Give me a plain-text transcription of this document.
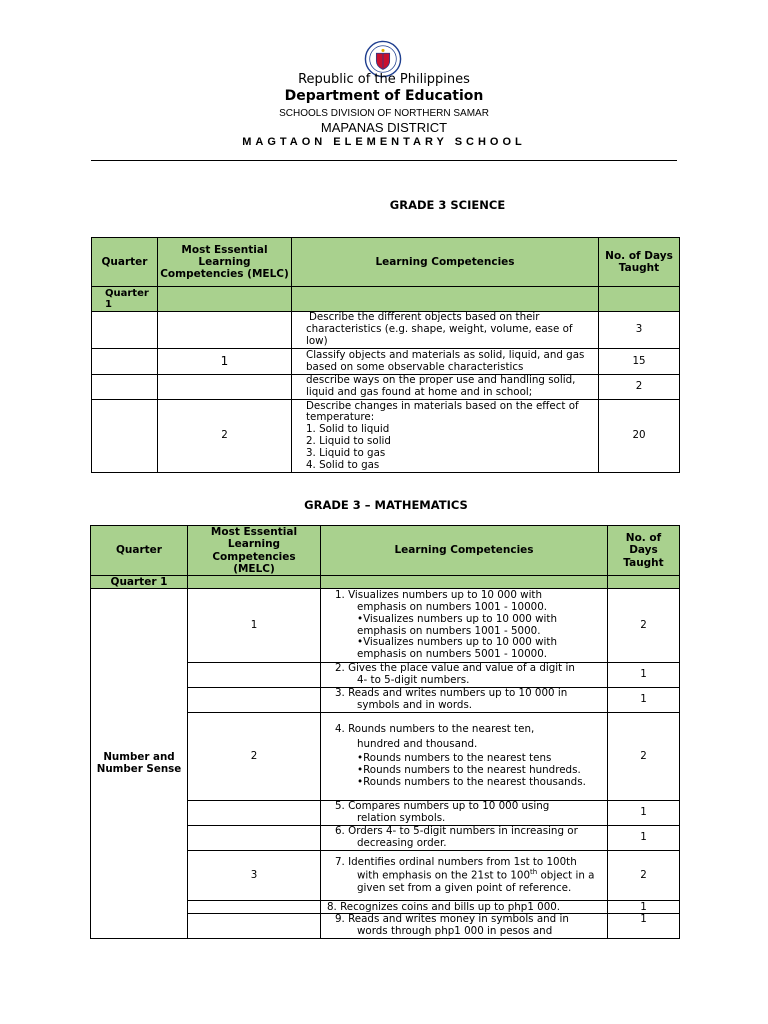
Republic of the Philippines
Department of Education
SCHOOLS DIVISION OF NORTHERN SAMAR
MAPANAS DISTRICT
MAGTAON ELEMENTARY SCHOOL
GRADE 3 SCIENCE
Quarter	Most Essential Learning Competencies (MELC)	Learning Competencies	No. of Days Taught
Quarter 1			
		Describe the different objects based on their characteristics (e.g. shape, weight, volume, ease of low)	3
	1	Classify objects and materials as solid, liquid, and gas based on some observable characteristics	15
		describe ways on the proper use and handling solid, liquid and gas found at home and in school;	2
	2	Describe changes in materials based on the effect of temperature:
1. Solid to liquid
2. Liquid to solid
3. Liquid to gas
4. Solid to gas	20
GRADE 3 – MATHEMATICS
Quarter	Most Essential Learning Competencies (MELC)	Learning Competencies	No. of Days Taught
Quarter 1			
Number and Number Sense	1	1. Visualizes numbers up to 10 000 with
emphasis on numbers 1001 - 10000.
•Visualizes numbers up to 10 000 with emphasis on numbers 1001 - 5000.
•Visualizes numbers up to 10 000 with emphasis on numbers 5001 - 10000.	2

		2. Gives the place value and value of a digit in
4- to 5-digit numbers.	1

		3. Reads and writes numbers up to 10 000 in
symbols and in words.	1
	2	4. Rounds numbers to the nearest ten,
hundred and thousand.
•Rounds numbers to the nearest tens
•Rounds numbers to the nearest hundreds.
•Rounds numbers to the nearest thousands.	2

		5. Compares numbers up to 10 000 using
relation symbols.	1

		6. Orders 4- to 5-digit numbers in increasing or
decreasing order.	1
	3	7. Identifies ordinal numbers from 1st to 100th
with emphasis on the 21st to 100th object in a given set from a given point of reference.	2

		8. Recognizes coins and bills up to php1 000.	1

		9. Reads and writes money in symbols and in
words through php1 000 in pesos and	1
